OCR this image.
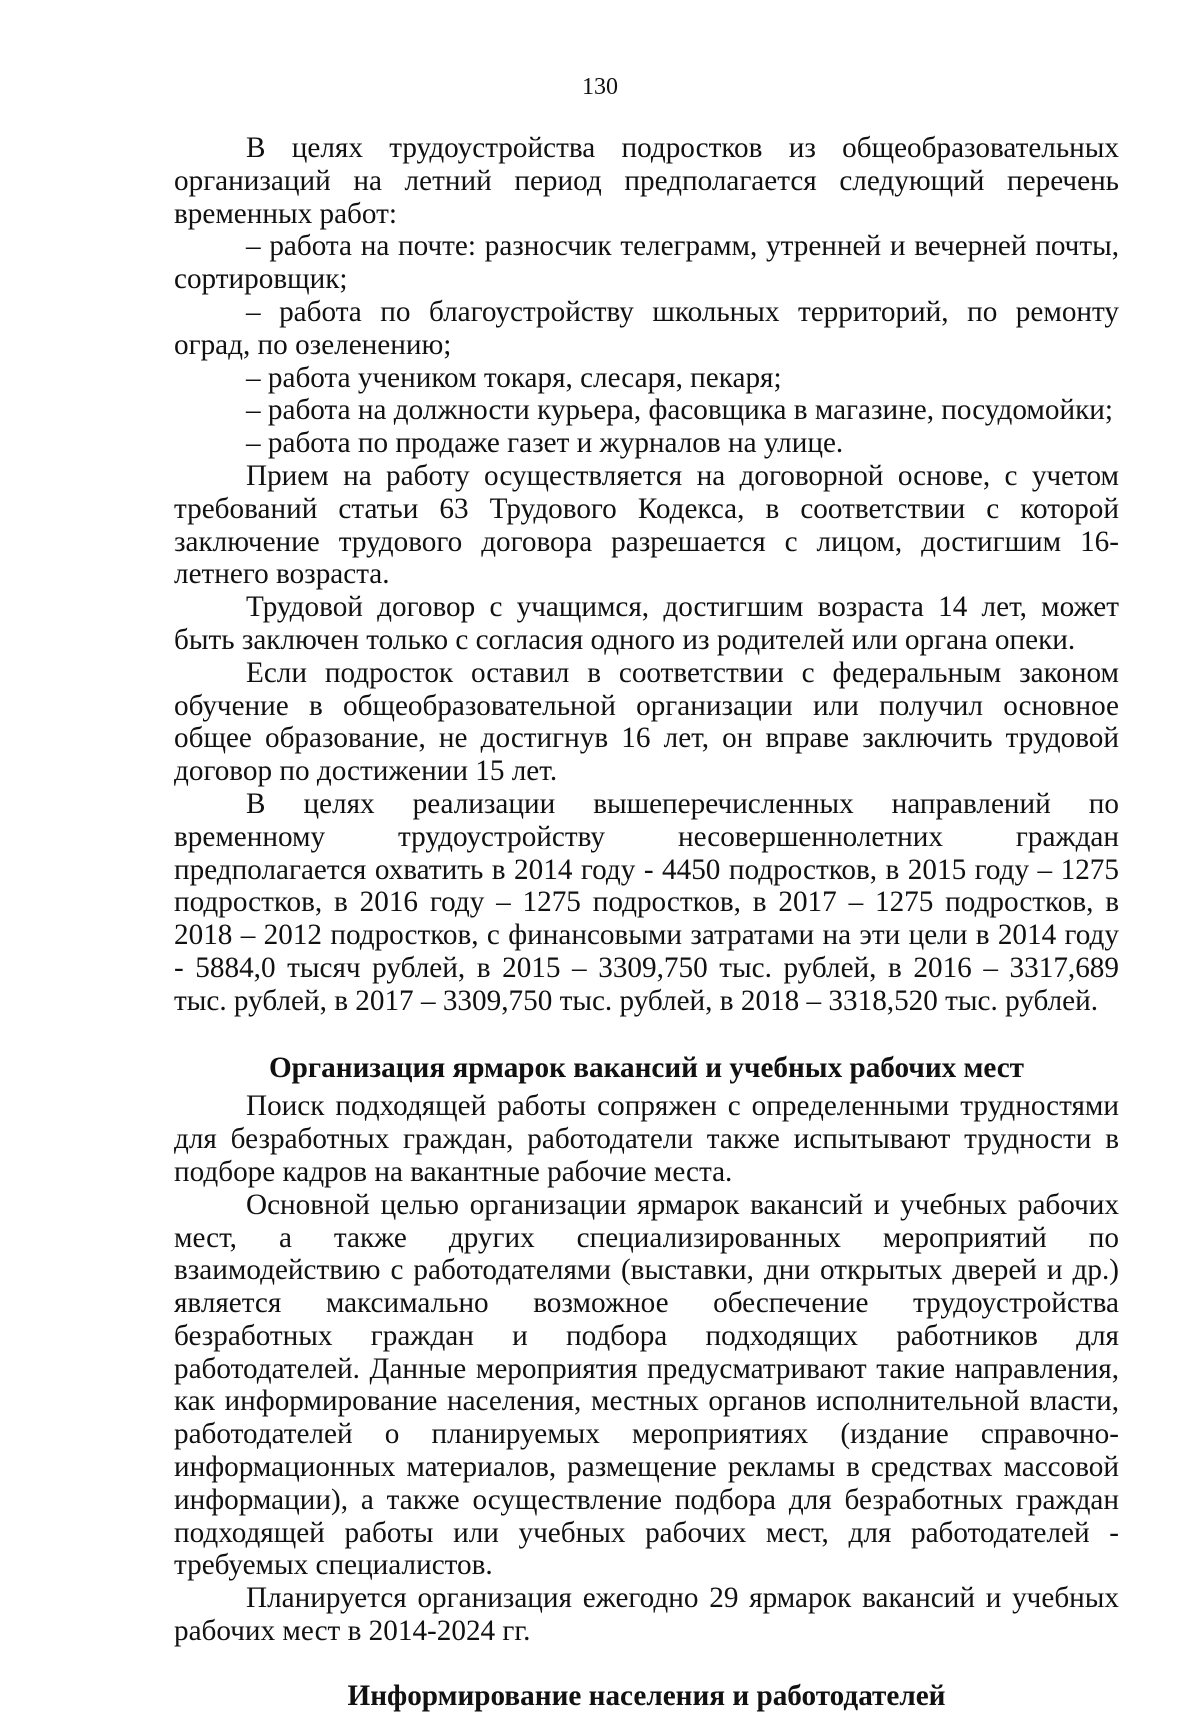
130

В целях трудоустройства подростков из общеобразовательных организаций на летний период предполагается следующий перечень временных работ:

– работа на почте: разносчик телеграмм, утренней и вечерней почты, сортировщик;

– работа по благоустройству школьных территорий, по ремонту оград, по озеленению;

– работа учеником токаря, слесаря, пекаря;

– работа на должности курьера, фасовщика в магазине, посудомойки;

– работа по продаже газет и журналов на улице.

Прием на работу осуществляется на договорной основе, с учетом требований статьи 63 Трудового Кодекса, в соответствии с которой заключение трудового договора разрешается с лицом, достигшим 16-летнего возраста.

Трудовой договор с учащимся, достигшим возраста 14 лет, может быть заключен только с согласия одного из родителей или органа опеки.

Если подросток оставил в соответствии с федеральным законом обучение в общеобразовательной организации или получил основное общее образование, не достигнув 16 лет, он вправе заключить трудовой договор по достижении 15 лет.

В целях реализации вышеперечисленных направлений по временному трудоустройству несовершеннолетних граждан предполагается охватить в 2014 году - 4450 подростков, в 2015 году – 1275 подростков, в 2016 году – 1275 подростков, в 2017 – 1275 подростков, в 2018 – 2012 подростков, с финансовыми затратами на эти цели в 2014 году - 5884,0 тысяч рублей, в 2015 – 3309,750 тыс. рублей, в 2016 – 3317,689 тыс. рублей, в 2017 – 3309,750 тыс. рублей, в 2018 – 3318,520 тыс. рублей.

Организация ярмарок вакансий и учебных рабочих мест

Поиск подходящей работы сопряжен с определенными трудностями для безработных граждан, работодатели также испытывают трудности в подборе кадров на вакантные рабочие места.

Основной целью организации ярмарок вакансий и учебных рабочих мест, а также других специализированных мероприятий по взаимодействию с работодателями (выставки, дни открытых дверей и др.) является максимально возможное обеспечение трудоустройства безработных граждан и подбора подходящих работников для работодателей. Данные мероприятия предусматривают такие направления, как информирование населения, местных органов исполнительной власти, работодателей о планируемых мероприятиях (издание справочно-информационных материалов, размещение рекламы в средствах массовой информации), а также осуществление подбора для безработных граждан подходящей работы или учебных рабочих мест, для работодателей - требуемых специалистов.

Планируется организация ежегодно 29 ярмарок вакансий и учебных рабочих мест в 2014-2024 гг.

Информирование населения и работодателей
